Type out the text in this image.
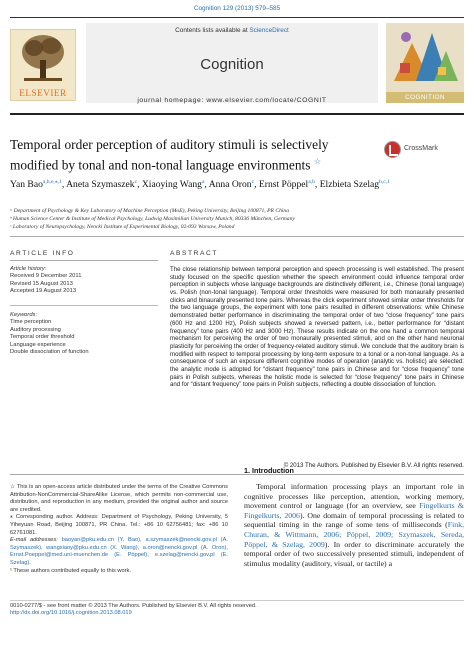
Cognition 129 (2013) 579–585
ELSEVIER
Contents lists available at ScienceDirect
Cognition
journal homepage: www.elsevier.com/locate/COGNIT	COGNITION
Temporal order perception of auditory stimuli is selectively modified by tonal and non-tonal language environments ☆
CrossMark
Yan Bao$^{a,b,e,⁎,1}$, Aneta Szymaszek$^c$, Xiaoying Wang$^a$, Anna Oron$^c$, Ernst Pöppel$^{a,b}$, Elzbieta Szelag$^{b,c,1}$
ᵃ Department of Psychology & Key Laboratory of Machine Perception (MoE), Peking University, Beijing 100871, PR China
ᵇ Human Science Center & Institute of Medical Psychology, Ludwig Maximilian University Munich, 80336 München, Germany
ᶜ Laboratory of Neuropsychology, Nencki Institute of Experimental Biology, 02-093 Warsaw, Poland
ARTICLE INFO	ABSTRACT
Article history:
Received 9 December 2011
Revised 15 August 2013
Accepted 19 August 2013
Keywords:
Time perception
Auditory processing
Temporal order threshold
Language experience
Double dissociation of function
The close relationship between temporal perception and speech processing is well established. The present study focused on the specific question whether the speech environment could influence temporal order perception in subjects whose language backgrounds are distinctively different, i.e., Chinese (tonal language) vs. Polish (non-tonal language). Temporal order thresholds were measured for both monaurally presented clicks and binaurally presented tone pairs. Whereas the click experiment showed similar order thresholds for the two language groups, the experiment with tone pairs resulted in different observations: while Chinese demonstrated better performance in discriminating the temporal order of two “close frequency” tone pairs (600 Hz and 1200 Hz), Polish subjects showed a reversed pattern, i.e., better performance for “distant frequency” tone pairs (400 Hz and 3000 Hz). These results indicate on the one hand a common temporal mechanism for perceiving the order of two monaurally presented stimuli, and on the other hand neuronal plasticity for perceiving the order of frequency-related auditory stimuli. We conclude that the auditory brain is modified with respect to temporal processing by long-term exposure to a tonal or a non-tonal language. As a consequence of such an exposure different cognitive modes of operation (analytic vs. holistic) are selected: the analytic mode is adopted for “distant frequency” tone pairs in Chinese and for “close frequency” tone pairs in Polish subjects, whereas the holistic mode is selected for “close frequency” tone pairs in Chinese and for “distant frequency” tone pairs in Polish subjects, reflecting a double dissociation of function.
© 2013 The Authors. Published by Elsevier B.V. All rights reserved.

☆ This is an open-access article distributed under the terms of the Creative Commons Attribution-NonCommercial-ShareAlike License, which permits non-commercial use, distribution, and reproduction in any medium, provided the original author and source are credited.

⁎ Corresponding author. Address: Department of Psychology, Peking University, 5 Yiheyuan Road, Beijing 100871, PR China. Tel.: +86 10 62756481; fax: +86 10 62761081.

E-mail addresses: baoyan@pku.edu.cn (Y. Bao), a.szymaszek@nencki.gov.pl (A. Szymaszek), wangxiaoy@pku.edu.cn (X. Wang), a.oron@nencki.gov.pl (A. Oron), Ernst.Poeppel@med.uni-muenchen.de (E. Pöppel), e.szelag@nencki.gov.pl (E. Szelag).

¹ These authors contributed equally to this work.

1. Introduction

Temporal information processing plays an important role in cognitive processes like perception, attention, working memory, movement control or language (for an overview, see Fingelkurts & Fingelkurts, 2006). One domain of temporal processing is related to sequential timing in the range of some tens of milliseconds (Fink, Churan, & Wittmann, 2006; Pöppel, 2009; Szymaszek, Sereda, Pöppel, & Szelag, 2009). In order to discriminate accurately the temporal order of two successively presented stimuli, independent of stimulus modality (auditory, visual, or tactile) a

0010-0277/$ - see front matter © 2013 The Authors. Published by Elsevier B.V. All rights reserved.
http://dx.doi.org/10.1016/j.cognition.2013.08.019
